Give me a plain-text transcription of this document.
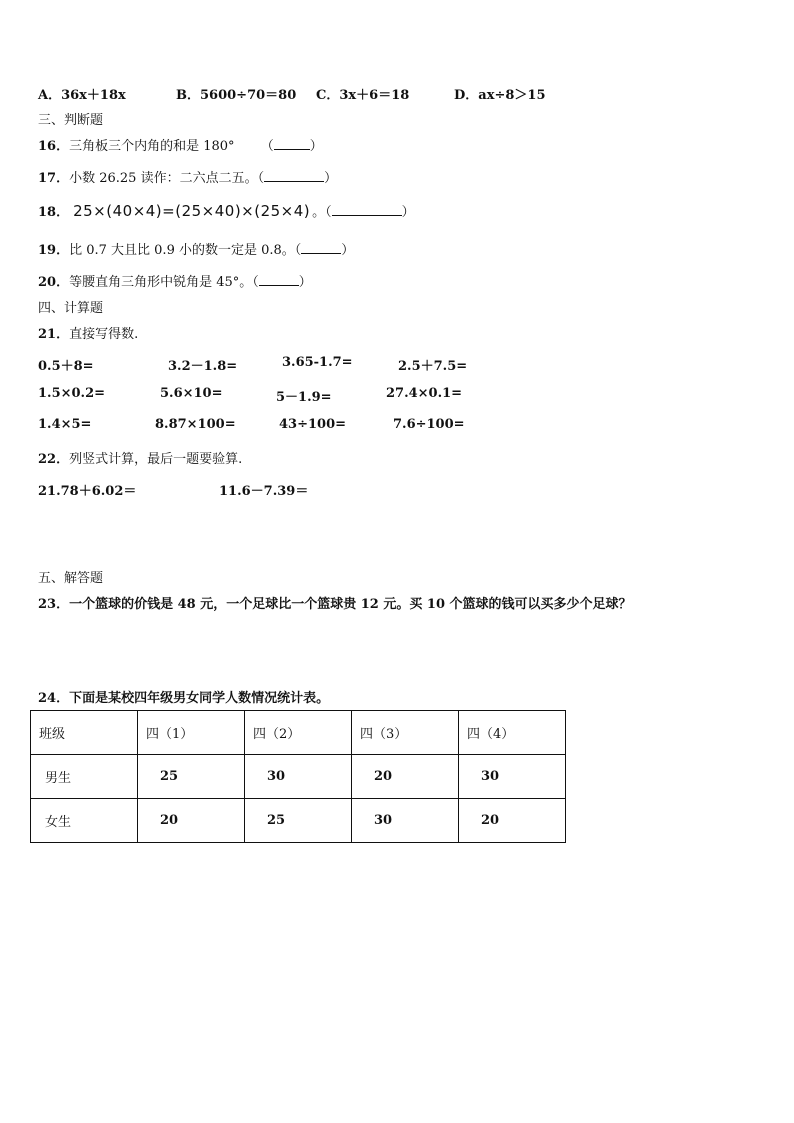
A．36x＋18x	B．5600÷70＝80 C．3x＋6＝18	D．ax÷8＞15
三、判断题
16．三角板三个内角的和是 180° （	）
17．小数 26.25 读作：二六点二五。（	）
18． 25×(40×4)=(25×40)×(25×4) 。（	）
19．比 0.7 大且比 0.9 小的数一定是 0.8。（	）
20．等腰直角三角形中锐角是 45°。（	）
四、计算题
21．直接写得数.
0.5＋8=	3.2－1.8=	3.65-1.7=	2.5＋7.5=
1.5×0.2=	5.6×10=	5－1.9=	27.4×0.1=
1.4×5=	8.87×100=	43÷100=	7.6÷100=
22．列竖式计算，最后一题要验算.
21.78＋6.02＝	11.6－7.39＝
五、解答题
23．一个篮球的价钱是 48 元，一个足球比一个篮球贵 12 元。买 10 个篮球的钱可以买多少个足球？
24．下面是某校四年级男女同学人数情况统计表。
班级	四（1）	四（2）	四（3）	四（4）
男生	25	30	20	30
女生	20	25	30	20
